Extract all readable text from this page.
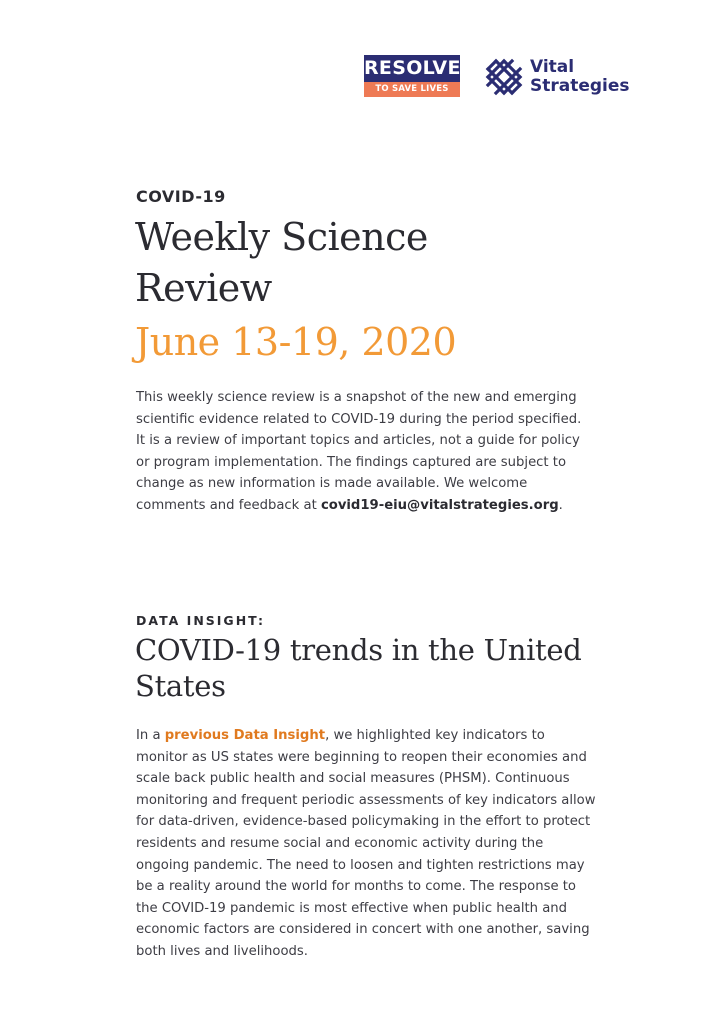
RESOLVE
TO SAVE LIVES
Vital
Strategies
COVID-19
Weekly Science
Review
June 13-19, 2020

This weekly science review is a snapshot of the new and emerging scientific evidence related to COVID-19 during the period specified. It is a review of important topics and articles, not a guide for policy or program implementation. The findings captured are subject to change as new information is made available. We welcome comments and feedback at covid19-eiu@vitalstrategies.org.

DATA INSIGHT:
COVID-19 trends in the United States

In a previous Data Insight, we highlighted key indicators to monitor as US states were beginning to reopen their economies and scale back public health and social measures (PHSM). Continuous monitoring and frequent periodic assessments of key indicators allow for data-driven, evidence-based policymaking in the effort to protect residents and resume social and economic activity during the ongoing pandemic. The need to loosen and tighten restrictions may be a reality around the world for months to come. The response to the COVID-19 pandemic is most effective when public health and economic factors are considered in concert with one another, saving both lives and livelihoods.
